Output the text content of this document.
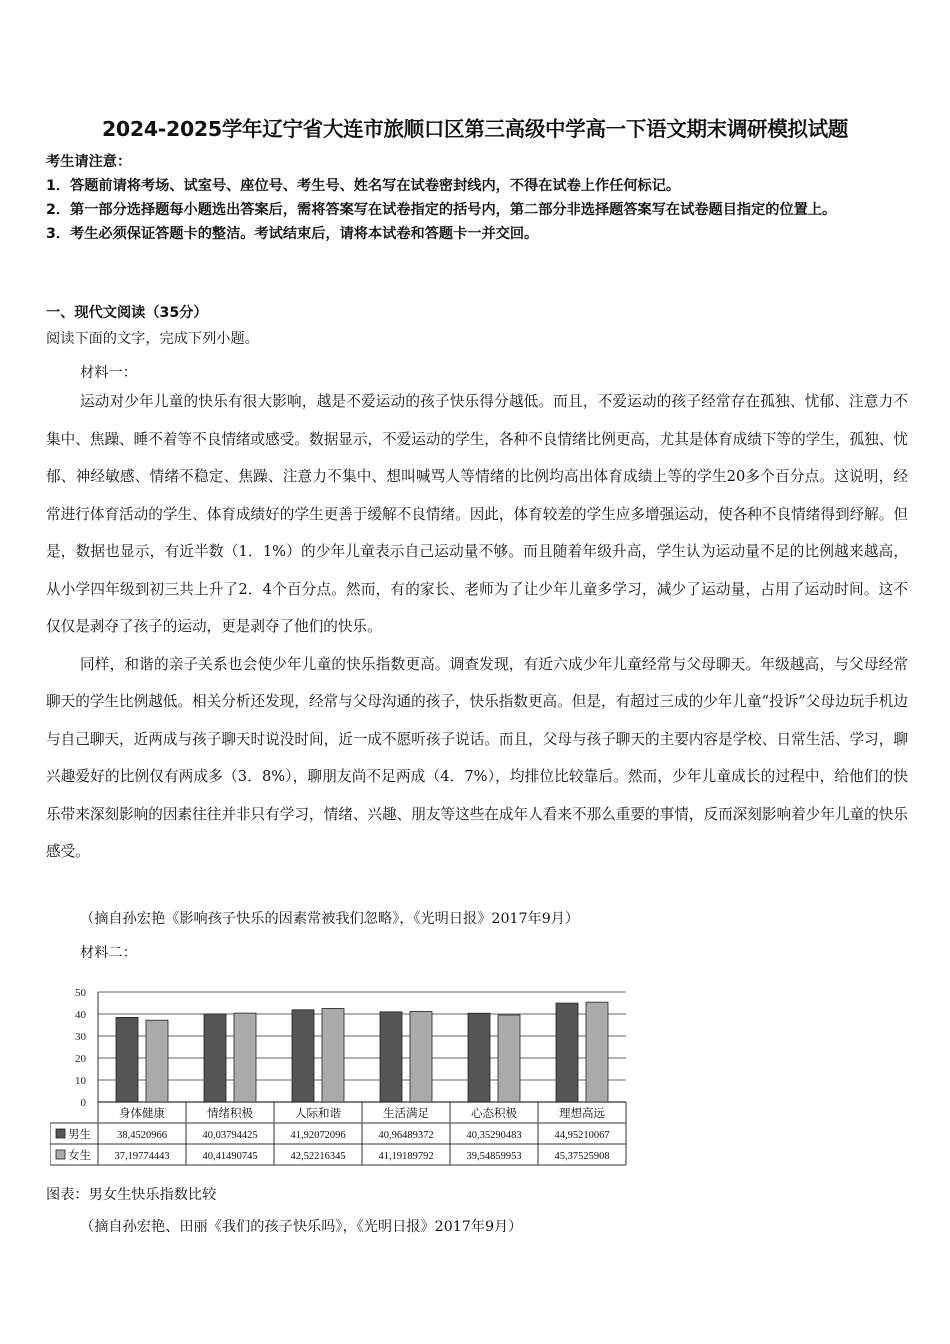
2024-2025学年辽宁省大连市旅顺口区第三高级中学高一下语文期末调研模拟试题
考生请注意：
1．答题前请将考场、试室号、座位号、考生号、姓名写在试卷密封线内，不得在试卷上作任何标记。
2．第一部分选择题每小题选出答案后，需将答案写在试卷指定的括号内，第二部分非选择题答案写在试卷题目指定的位置上。
3．考生必须保证答题卡的整洁。考试结束后，请将本试卷和答题卡一并交回。
一、现代文阅读（35分）
阅读下面的文字，完成下列小题。
材料一：

运动对少年儿童的快乐有很大影响，越是不爱运动的孩子快乐得分越低。而且，不爱运动的孩子经常存在孤独、忧郁、注意力不集中、焦躁、睡不着等不良情绪或感受。数据显示，不爱运动的学生，各种不良情绪比例更高，尤其是体育成绩下等的学生，孤独、忧郁、神经敏感、情绪不稳定、焦躁、注意力不集中、想叫喊骂人等情绪的比例均高出体育成绩上等的学生20多个百分点。这说明，经常进行体育活动的学生、体育成绩好的学生更善于缓解不良情绪。因此，体育较差的学生应多增强运动，使各种不良情绪得到纾解。但是，数据也显示，有近半数（1．1%）的少年儿童表示自己运动量不够。而且随着年级升高，学生认为运动量不足的比例越来越高，从小学四年级到初三共上升了2．4个百分点。然而，有的家长、老师为了让少年儿童多学习，减少了运动量，占用了运动时间。这不仅仅是剥夺了孩子的运动，更是剥夺了他们的快乐。

同样，和谐的亲子关系也会使少年儿童的快乐指数更高。调查发现，有近六成少年儿童经常与父母聊天。年级越高，与父母经常聊天的学生比例越低。相关分析还发现，经常与父母沟通的孩子，快乐指数更高。但是，有超过三成的少年儿童“投诉”父母边玩手机边与自己聊天，近两成与孩子聊天时说没时间，近一成不愿听孩子说话。而且，父母与孩子聊天的主要内容是学校、日常生活、学习，聊兴趣爱好的比例仅有两成多（3．8%），聊朋友尚不足两成（4．7%），均排位比较靠后。然而，少年儿童成长的过程中，给他们的快乐带来深刻影响的因素往往并非只有学习，情绪、兴趣、朋友等这些在成年人看来不那么重要的事情，反而深刻影响着少年儿童的快乐感受。

（摘自孙宏艳《影响孩子快乐的因素常被我们忽略》，《光明日报》2017年9月）
材料二：
0
10
20
30
40
50
身体健康	情绪积极	人际和谐	生活满足	心态积极	理想高远
男生 38,4520966	40,03794425	41,92072096	40,96489372	40,35290483	44,95210067
女生 37,19774443	40,41490745	42,52216345	41,19189792	39,54859953	45,37525908
图表：男女生快乐指数比较
（摘自孙宏艳、田丽《我们的孩子快乐吗》，《光明日报》2017年9月）
